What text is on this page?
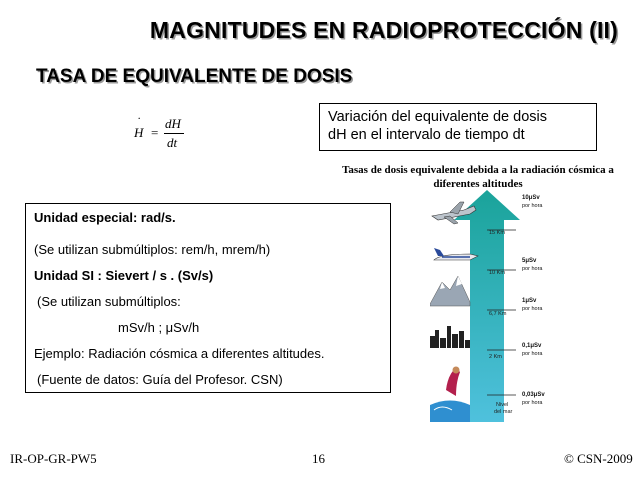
MAGNITUDES EN RADIOPROTECCIÓN (II)
TASA DE EQUIVALENTE DE DOSIS
˙
H =
dH
dt
Variación del equivalente de dosis
dH en el intervalo de tiempo dt
Tasas de dosis equivalente debida a la radiación cósmica a
diferentes altitudes
Unidad especial: rad/s.
(Se utilizan submúltiplos: rem/h, mrem/h)
Unidad SI : Sievert / s . (Sv/s)
(Se utilizan submúltiplos:
mSv/h ; μSv/h
Ejemplo: Radiación cósmica a diferentes altitudes.
(Fuente de datos: Guía del Profesor. CSN)
15 Km
10 Km
6,7 Km
2 Km
Nivel
del mar
10μSv
por hora
5μSv
por hora
1μSv
por hora
0,1μSv
por hora
0,03μSv
por hora
IR-OP-GR-PW5	16	© CSN-2009
